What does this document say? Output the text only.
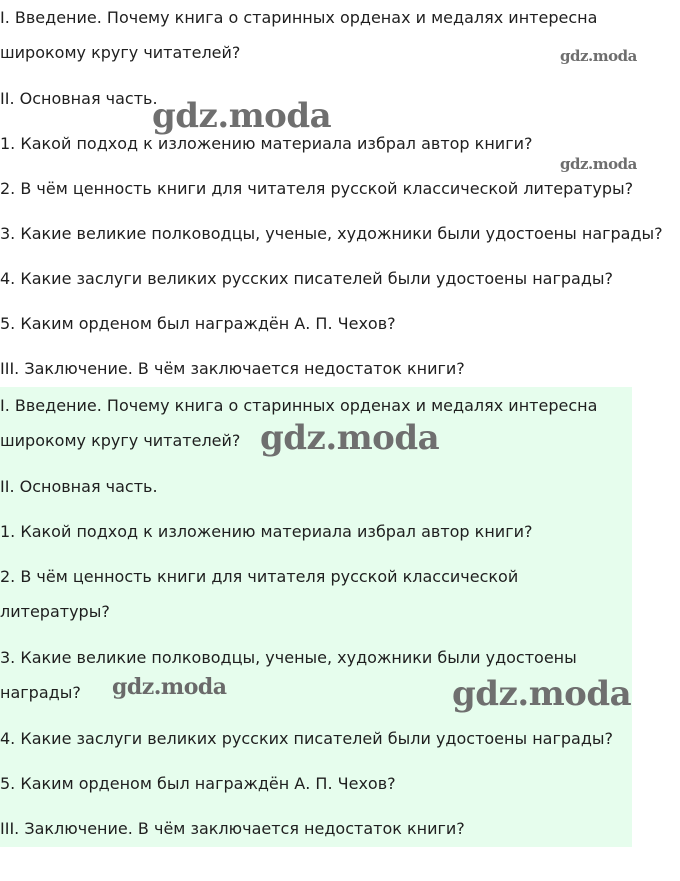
I. Введение. Почему книга о старинных орденах и медалях интересна
широкому кругу читателей?
II. Основная часть.
1. Какой подход к изложению материала избрал автор книги?
2. В чём ценность книги для читателя русской классической литературы?
3. Какие великие полководцы, ученые, художники были удостоены награды?
4. Какие заслуги великих русских писателей были удостоены награды?
5. Каким орденом был награждён А. П. Чехов?
III. Заключение. В чём заключается недостаток книги?
I. Введение. Почему книга о старинных орденах и медалях интересна
широкому кругу читателей?
II. Основная часть.
1. Какой подход к изложению материала избрал автор книги?
2. В чём ценность книги для читателя русской классической
литературы?
3. Какие великие полководцы, ученые, художники были удостоены
награды?
4. Какие заслуги великих русских писателей были удостоены награды?
5. Каким орденом был награждён А. П. Чехов?
III. Заключение. В чём заключается недостаток книги?
gdz.moda
gdz.moda
gdz.moda
gdz.moda
gdz.moda	gdz.moda
